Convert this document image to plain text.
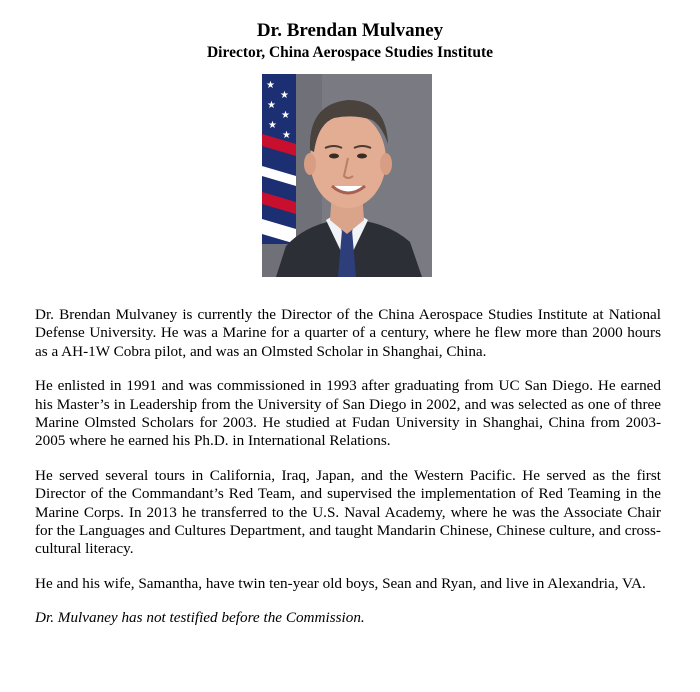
Dr. Brendan Mulvaney

Director, China Aerospace Studies Institute

★
★
★
★
★
★

Dr. Brendan Mulvaney is currently the Director of the China Aerospace Studies Institute at National Defense University. He was a Marine for a quarter of a century, where he flew more than 2000 hours as a AH-1W Cobra pilot, and was an Olmsted Scholar in Shanghai, China.

He enlisted in 1991 and was commissioned in 1993 after graduating from UC San Diego. He earned his Master’s in Leadership from the University of San Diego in 2002, and was selected as one of three Marine Olmsted Scholars for 2003. He studied at Fudan University in Shanghai, China from 2003-2005 where he earned his Ph.D. in International Relations.

He served several tours in California, Iraq, Japan, and the Western Pacific. He served as the first Director of the Commandant’s Red Team, and supervised the implementation of Red Teaming in the Marine Corps. In 2013 he transferred to the U.S. Naval Academy, where he was the Associate Chair for the Languages and Cultures Department, and taught Mandarin Chinese, Chinese culture, and cross-cultural literacy.

He and his wife, Samantha, have twin ten-year old boys, Sean and Ryan, and live in Alexandria, VA.

Dr. Mulvaney has not testified before the Commission.
